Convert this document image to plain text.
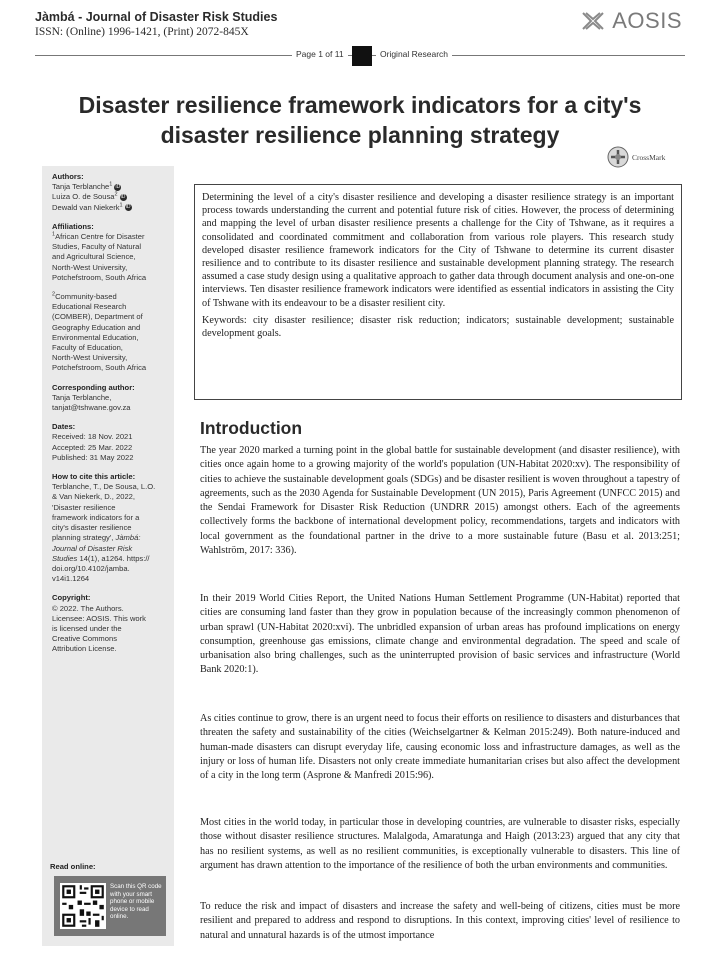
Jàmbá - Journal of Disaster Risk Studies
ISSN: (Online) 1996-1421, (Print) 2072-845X	AOSIS
Page 1 of 11	Original Research
Disaster resilience framework indicators for a city's disaster resilience planning strategy
CrossMark
Authors:
Tanja Terblanche$^1$ iD
Luiza O. de Sousa$^2$ iD
Dewald van Niekerk$^1$ iD
Affiliations:
$^1$African Centre for Disaster
Studies, Faculty of Natural
and Agricultural Science,
North-West University,
Potchefstroom, South Africa
$^2$Community-based
Educational Research
(COMBER), Department of
Geography Education and
Environmental Education,
Faculty of Education,
North-West University,
Potchefstroom, South Africa
Corresponding author:
Tanja Terblanche,
tanjat@tshwane.gov.za
Dates:
Received: 18 Nov. 2021
Accepted: 25 Mar. 2022
Published: 31 May 2022
How to cite this article:
Terblanche, T., De Sousa, L.O.
& Van Niekerk, D., 2022,
'Disaster resilience
framework indicators for a
city's disaster resilience
planning strategy', Jàmbá:
Journal of Disaster Risk
Studies 14(1), a1264. https://
doi.org/10.4102/jamba.
v14i1.1264
Copyright:
© 2022. The Authors.
Licensee: AOSIS. This work
is licensed under the
Creative Commons
Attribution License.
Read online:
Scan this QR code with your smart phone or mobile device to read online.
Determining the level of a city's disaster resilience and developing a disaster resilience strategy is an important process towards understanding the current and potential future risk of cities. However, the process of determining and mapping the level of urban disaster resilience presents a challenge for the City of Tshwane, as it requires a consolidated and coordinated commitment and collaboration from various role players. This research study developed disaster resilience framework indicators for the City of Tshwane to determine its current disaster resilience and to contribute to its disaster resilience and sustainable development planning strategy. The research assumed a case study design using a qualitative approach to gather data through document analysis and one-on-one interviews. Ten disaster resilience framework indicators were identified as essential indicators in assisting the City of Tshwane with its endeavour to be a disaster resilient city.
Keywords: city disaster resilience; disaster risk reduction; indicators; sustainable development; sustainable development goals.
Introduction

The year 2020 marked a turning point in the global battle for sustainable development (and disaster resilience), with cities once again home to a growing majority of the world's population (UN-Habitat 2020:xv). The responsibility of cities to achieve the sustainable development goals (SDGs) and be disaster resilient is woven throughout a tapestry of agreements, such as the 2030 Agenda for Sustainable Development (UN 2015), Paris Agreement (UNFCC 2015) and the Sendai Framework for Disaster Risk Reduction (UNDRR 2015) amongst others. Each of the agreements collectively forms the backbone of international development policy, recommendations, targets and indicators with local government as the foundational partner in the drive to a more sustainable future (Basu et al. 2013:251; Wahlström, 2017: 336).

In their 2019 World Cities Report, the United Nations Human Settlement Programme (UN-Habitat) reported that cities are consuming land faster than they grow in population because of the increasingly common phenomenon of urban sprawl (UN-Habitat 2020:xvi). The unbridled expansion of urban areas has profound implications on energy consumption, greenhouse gas emissions, climate change and environmental degradation. The speed and scale of urbanisation also bring challenges, such as the uninterrupted provision of basic services and infrastructure (World Bank 2020:1).

As cities continue to grow, there is an urgent need to focus their efforts on resilience to disasters and disturbances that threaten the safety and sustainability of the cities (Weichselgartner & Kelman 2015:249). Both nature-induced and human-made disasters can disrupt everyday life, causing economic loss and infrastructure damages, as well as the injury or loss of human life. Disasters not only create immediate humanitarian crises but also affect the development of a city in the long term (Asprone & Manfredi 2015:96).

Most cities in the world today, in particular those in developing countries, are vulnerable to disaster risks, especially those without disaster resilience structures. Malalgoda, Amaratunga and Haigh (2013:23) argued that any city that has no resilient systems, as well as no resilient communities, is exceptionally vulnerable to disasters. This line of argument has drawn attention to the importance of the resilience of both the urban environments and communities.

To reduce the risk and impact of disasters and increase the safety and well-being of citizens, cities must be more resilient and prepared to address and respond to disruptions. In this context, improving cities' level of resilience to natural and unnatural hazards is of the utmost importance
